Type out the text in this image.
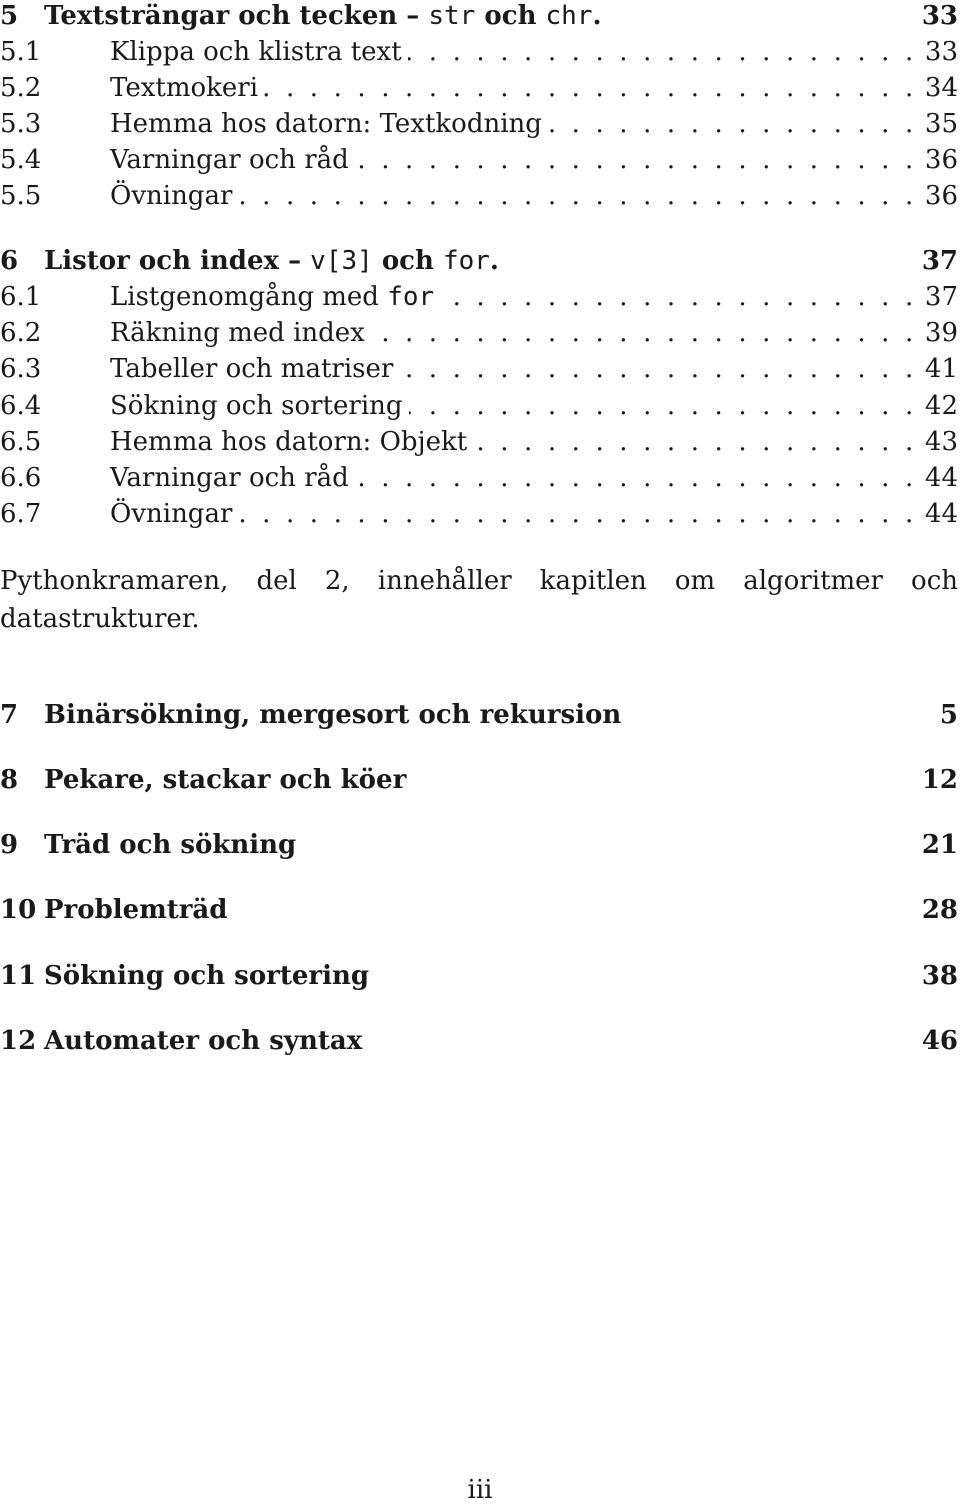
5 Textsträngar och tecken – str och chr.	33
5.1	Klippa och klistra text . . .	33
5.2	Textmokeri . . .	34
5.3	Hemma hos datorn: Textkodning . . .	35
5.4	Varningar och råd . . .	36
5.5	Övningar . . .	36
6 Listor och index – v[3] och for.	37
6.1	Listgenomgång med for . . .	37
6.2	Räkning med index . . .	39
6.3	Tabeller och matriser . . .	41
6.4	Sökning och sortering . . .	42
6.5	Hemma hos datorn: Objekt . . .	43
6.6	Varningar och råd . . .	44
6.7	Övningar . . .	44

Pythonkramaren, del 2, innehåller kapitlen om algoritmer och datastrukturer.

7 Binärsökning, mergesort och rekursion	5
8 Pekare, stackar och köer	12
9 Träd och sökning	21
10 Problemträd	28
11 Sökning och sortering	38
12 Automater och syntax	46
iii
